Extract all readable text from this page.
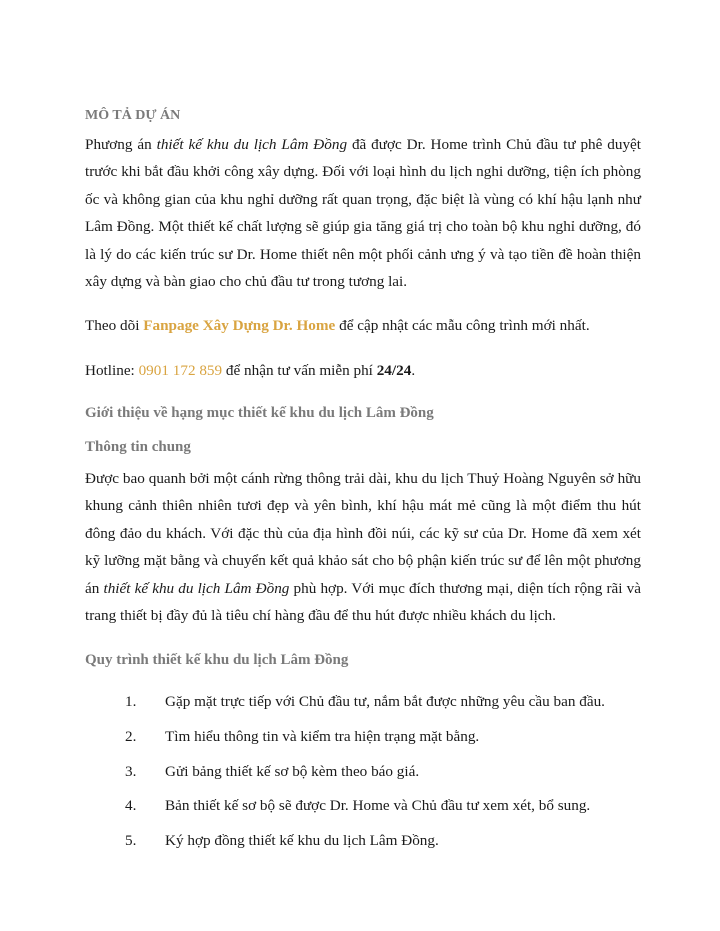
MÔ TẢ DỰ ÁN

Phương án thiết kế khu du lịch Lâm Đồng đã được Dr. Home trình Chủ đầu tư phê duyệt trước khi bắt đầu khởi công xây dựng. Đối với loại hình du lịch nghi dưỡng, tiện ích phòng ốc và không gian của khu nghỉ dưỡng rất quan trọng, đặc biệt là vùng có khí hậu lạnh như Lâm Đồng. Một thiết kế chất lượng sẽ giúp gia tăng giá trị cho toàn bộ khu nghỉ dưỡng, đó là lý do các kiến trúc sư Dr. Home thiết nên một phối cảnh ưng ý và tạo tiền đề hoàn thiện xây dựng và bàn giao cho chủ đầu tư trong tương lai.

Theo dõi Fanpage Xây Dựng Dr. Home để cập nhật các mẫu công trình mới nhất.

Hotline: 0901 172 859 để nhận tư vấn miễn phí 24/24.

Giới thiệu về hạng mục thiết kế khu du lịch Lâm Đồng
Thông tin chung

Được bao quanh bởi một cánh rừng thông trải dài, khu du lịch Thuỷ Hoàng Nguyên sở hữu khung cảnh thiên nhiên tươi đẹp và yên bình, khí hậu mát mẻ cũng là một điểm thu hút đông đảo du khách. Với đặc thù của địa hình đồi núi, các kỹ sư của Dr. Home đã xem xét kỹ lưỡng mặt bằng và chuyển kết quả khảo sát cho bộ phận kiến trúc sư để lên một phương án thiết kế khu du lịch Lâm Đồng phù hợp. Với mục đích thương mại, diện tích rộng rãi và trang thiết bị đầy đủ là tiêu chí hàng đầu để thu hút được nhiều khách du lịch.

Quy trình thiết kế khu du lịch Lâm Đồng
1.	Gặp mặt trực tiếp với Chủ đầu tư, nắm bắt được những yêu cầu ban đầu.
2.	Tìm hiểu thông tin và kiểm tra hiện trạng mặt bằng.
3.	Gửi bảng thiết kế sơ bộ kèm theo báo giá.
4.	Bản thiết kế sơ bộ sẽ được Dr. Home và Chủ đầu tư xem xét, bổ sung.
5.	Ký hợp đồng thiết kế khu du lịch Lâm Đồng.
